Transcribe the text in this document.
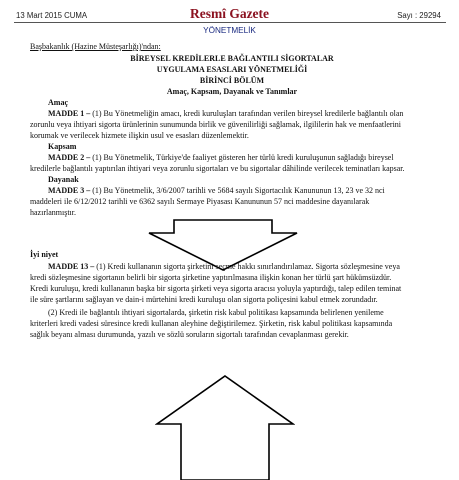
13 Mart 2015 CUMA	Resmî Gazete	Sayı : 29294
YÖNETMELİK
Başbakanlık (Hazine Müsteşarlığı)'ndan:
BİREYSEL KREDİLERLE BAĞLANTILI SİGORTALAR
UYGULAMA ESASLARI YÖNETMELİĞİ
BİRİNCİ BÖLÜM
Amaç, Kapsam, Dayanak ve Tanımlar
Amaç
MADDE 1 – (1) Bu Yönetmeliğin amacı, kredi kuruluşları tarafından verilen bireysel kredilerle bağlantılı olan
zorunlu veya ihtiyari sigorta ürünlerinin sunumunda birlik ve güvenilirliği sağlamak, ilgililerin hak ve menfaatlerini
korumak ve verilecek hizmete ilişkin usul ve esasları düzenlemektir.
Kapsam
MADDE 2 – (1) Bu Yönetmelik, Türkiye'de faaliyet gösteren her türlü kredi kuruluşunun sağladığı bireysel
kredilerle bağlantılı yaptırılan ihtiyari veya zorunlu sigortaları ve bu sigortalar dâhilinde verilecek teminatları kapsar.
Dayanak
MADDE 3 – (1) Bu Yönetmelik, 3/6/2007 tarihli ve 5684 sayılı Sigortacılık Kanununun 13, 23 ve 32 nci
maddeleri ile 6/12/2012 tarihli ve 6362 sayılı Sermaye Piyasası Kanununun 57 nci maddesine dayanılarak
hazırlanmıştır.
İyi niyet
MADDE 13 – (1) Kredi kullananın sigorta şirketini seçme hakkı sınırlandırılamaz. Sigorta sözleşmesine veya
kredi sözleşmesine sigortanın belirli bir sigorta şirketine yaptırılmasına ilişkin konan her türlü şart hükümsüzdür.
Kredi kuruluşu, kredi kullananın başka bir sigorta şirketi veya sigorta aracısı yoluyla yaptırdığı, talep edilen teminat
ile süre şartlarını sağlayan ve dain-i mürtehini kredi kuruluşu olan sigorta poliçesini kabul etmek zorundadır.
(2) Kredi ile bağlantılı ihtiyari sigortalarda, şirketin risk kabul politikası kapsamında belirlenen yenileme
kriterleri kredi vadesi süresince kredi kullanan aleyhine değiştirilemez. Şirketin, risk kabul politikası kapsamında
sağlık beyanı alması durumunda, yazılı ve sözlü soruların sigortalı tarafından cevaplanması gerekir.
